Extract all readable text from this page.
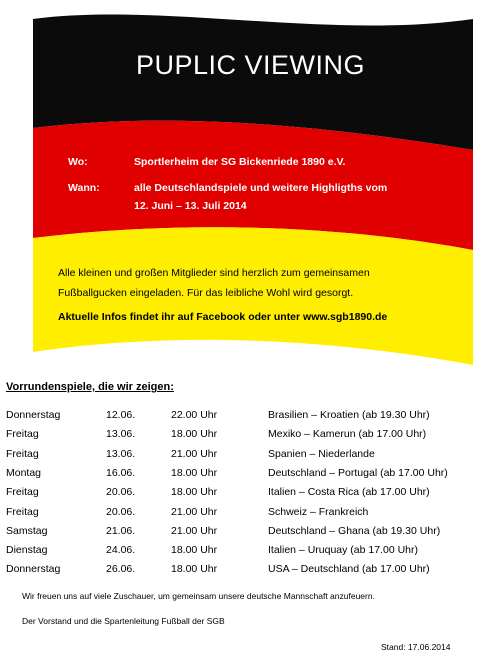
PUPLIC VIEWING
Wo:	Sportlerheim der SG Bickenriede 1890 e.V.
Wann:	alle Deutschlandspiele und weitere Highligths vom
12. Juni – 13. Juli 2014
Alle kleinen und großen Mitglieder sind herzlich zum gemeinsamen
Fußballgucken eingeladen. Für das leibliche Wohl wird gesorgt.
Aktuelle Infos findet ihr auf Facebook oder unter www.sgb1890.de
Vorrundenspiele, die wir zeigen:
Donnerstag	12.06.	22.00 Uhr	Brasilien – Kroatien (ab 19.30 Uhr)
Freitag	13.06.	18.00 Uhr	Mexiko – Kamerun (ab 17.00 Uhr)
Freitag	13.06.	21.00 Uhr	Spanien – Niederlande
Montag	16.06.	18.00 Uhr	Deutschland – Portugal (ab 17.00 Uhr)
Freitag	20.06.	18.00 Uhr	Italien – Costa Rica (ab 17.00 Uhr)
Freitag	20.06.	21.00 Uhr	Schweiz – Frankreich
Samstag	21.06.	21.00 Uhr	Deutschland – Ghana (ab 19.30 Uhr)
Dienstag	24.06.	18.00 Uhr	Italien – Uruquay (ab 17.00 Uhr)
Donnerstag	26.06.	18.00 Uhr	USA – Deutschland (ab 17.00 Uhr)
Wir freuen uns auf viele Zuschauer, um gemeinsam unsere deutsche Mannschaft anzufeuern.
Der Vorstand und die Spartenleitung Fußball der SGB
Stand: 17.06.2014
